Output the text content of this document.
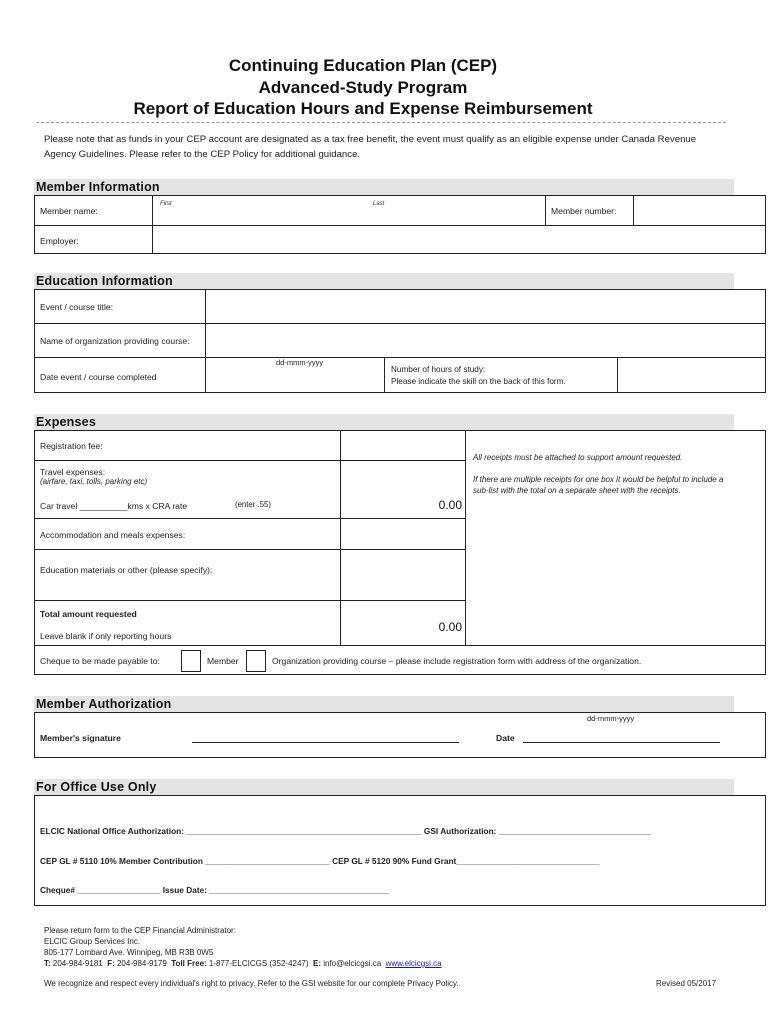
Continuing Education Plan (CEP)
Advanced-Study Program
Report of Education Hours and Expense Reimbursement
Please note that as funds in your CEP account are designated as a tax free benefit, the event must qualify as an eligible expense under Canada Revenue Agency Guidelines. Please refer to the CEP Policy for additional guidance.
Member Information
Member name:
First	Last
Member number:
Employer:
Education Information
Event / course title:
Name of organization providing course:
Date event / course completed
dd-mmm-yyyy
Number of hours of study:
Please indicate the skill on the back of this form.
Expenses
Registration fee:
Travel expenses:
(airfare, taxi, tolls, parking etc)
Car travel __________kms x CRA rate	(enter .55)	0.00
Accommodation and meals expenses:
Education materials or other (please specify):
Total amount requested
Leave blank if only reporting hours
0.00
All receipts must be attached to support amount requested.
If there are multiple receipts for one box it would be helpful to include a sub-list with the total on a separate sheet with the receipts.
Cheque to be made payable to:	Member	Organization providing course – please include registration form with address of the organization.
Member Authorization
dd-mmm-yyyy
Member's signature	Date
For Office Use Only
ELCIC National Office Authorization: ___________________________________________________ GSI Authorization: _________________________________
CEP GL # 5110 10% Member Contribution ___________________________ CEP GL # 5120 90% Fund Grant_______________________________
Cheque# __________________ Issue Date: _______________________________________
Please return form to the CEP Financial Administrator:
ELCIC Group Services Inc.
805-177 Lombard Ave. Winnipeg, MB R3B 0W5
T: 204-984-9181 F: 204-984-9179 Toll Free: 1-877-ELCICGS (352-4247) E: info@elcicgsi.ca www.elcicgsi.ca
We recognize and respect every individual's right to privacy. Refer to the GSI website for our complete Privacy Policy.	Revised 05/2017
